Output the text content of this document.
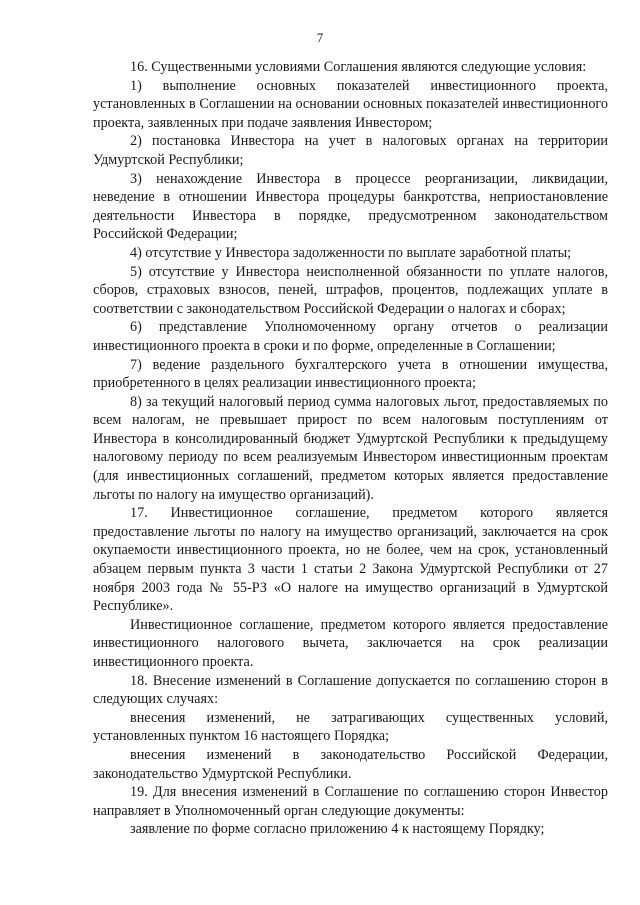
7

16. Существенными условиями Соглашения являются следующие условия:

1) выполнение основных показателей инвестиционного проекта, установленных в Соглашении на основании основных показателей инвестиционного проекта, заявленных при подаче заявления Инвестором;

2) постановка Инвестора на учет в налоговых органах на территории Удмуртской Республики;

3) ненахождение Инвестора в процессе реорганизации, ликвидации, неведение в отношении Инвестора процедуры банкротства, неприостановление деятельности Инвестора в порядке, предусмотренном законодательством Российской Федерации;

4) отсутствие у Инвестора задолженности по выплате заработной платы;

5) отсутствие у Инвестора неисполненной обязанности по уплате налогов, сборов, страховых взносов, пеней, штрафов, процентов, подлежащих уплате в соответствии с законодательством Российской Федерации о налогах и сборах;

6) представление Уполномоченному органу отчетов о реализации инвестиционного проекта в сроки и по форме, определенные в Соглашении;

7) ведение раздельного бухгалтерского учета в отношении имущества, приобретенного в целях реализации инвестиционного проекта;

8) за текущий налоговый период сумма налоговых льгот, предоставляемых по всем налогам, не превышает прирост по всем налоговым поступлениям от Инвестора в консолидированный бюджет Удмуртской Республики к предыдущему налоговому периоду по всем реализуемым Инвестором инвестиционным проектам (для инвестиционных соглашений, предметом которых является предоставление льготы по налогу на имущество организаций).

17. Инвестиционное соглашение, предметом которого является предоставление льготы по налогу на имущество организаций, заключается на срок окупаемости инвестиционного проекта, но не более, чем на срок, установленный абзацем первым пункта 3 части 1 статьи 2 Закона Удмуртской Республики от 27 ноября 2003 года № 55-РЗ «О налоге на имущество организаций в Удмуртской Республике».

Инвестиционное соглашение, предметом которого является предоставление инвестиционного налогового вычета, заключается на срок реализации инвестиционного проекта.

18. Внесение изменений в Соглашение допускается по соглашению сторон в следующих случаях:

внесения изменений, не затрагивающих существенных условий, установленных пунктом 16 настоящего Порядка;

внесения изменений в законодательство Российской Федерации, законодательство Удмуртской Республики.

19. Для внесения изменений в Соглашение по соглашению сторон Инвестор направляет в Уполномоченный орган следующие документы:

заявление по форме согласно приложению 4 к настоящему Порядку;
